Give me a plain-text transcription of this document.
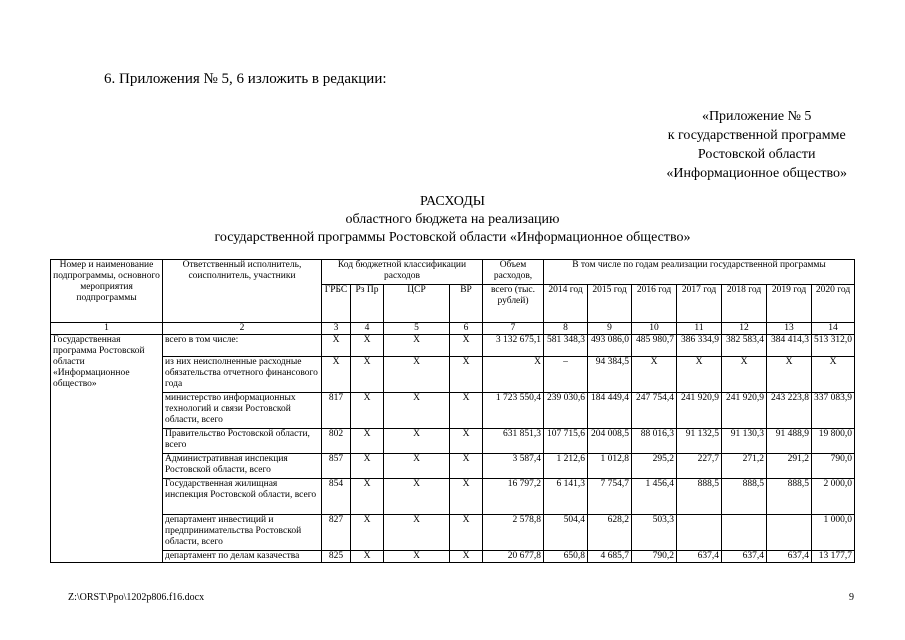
6. Приложения № 5, 6 изложить в редакции:
«Приложение № 5
к государственной программе
Ростовской области
«Информационное общество»
РАСХОДЫ
областного бюджета на реализацию
государственной программы Ростовской области «Информационное общество»
Номер и наименование подпрограммы, основного мероприятия подпрограммы	Ответственный исполнитель, соисполнитель, участники	Код бюджетной классификации расходов				Объем расходов,	В том числе по годам реализации государственной программы						
		ГРБС	Рз Пр	ЦСР	ВР	всего (тыс. рублей)	2014 год	2015 год	2016 год	2017 год	2018 год	2019 год	2020 год
1	2	3	4	5	6	7	8	9	10	11	12	13	14
Государственная программа Ростовской области «Информационное общество»	всего в том числе:	X	X	X	X	3 132 675,1	581 348,3	493 086,0	485 980,7	386 334,9	382 583,4	384 414,3	513 312,0
	из них неисполненные расходные обязательства отчетного финансового года	X	X	X	X	X	–	94 384,5	X	X	X	X	X
	министерство информационных технологий и связи Ростовской области, всего	817	X	X	X	1 723 550,4	239 030,6	184 449,4	247 754,4	241 920,9	241 920,9	243 223,8	337 083,9
	Правительство Ростовской области, всего	802	X	X	X	631 851,3	107 715,6	204 008,5	88 016,3	91 132,5	91 130,3	91 488,9	19 800,0
	Административная инспекция Ростовской области, всего	857	X	X	X	3 587,4	1 212,6	1 012,8	295,2	227,7	271,2	291,2	790,0
	Государственная жилищная инспекция Ростовской области, всего	854	X	X	X	16 797,2	6 141,3	7 754,7	1 456,4	888,5	888,5	888,5	2 000,0
	департамент инвестиций и предпринимательства Ростовской области, всего	827	X	X	X	2 578,8	504,4	628,2	503,3				1 000,0
	департамент по делам казачества	825	X	X	X	20 677,8	650,8	4 685,7	790,2	637,4	637,4	637,4	13 177,7
Z:\ORST\Ppo\1202p806.f16.docx	9
